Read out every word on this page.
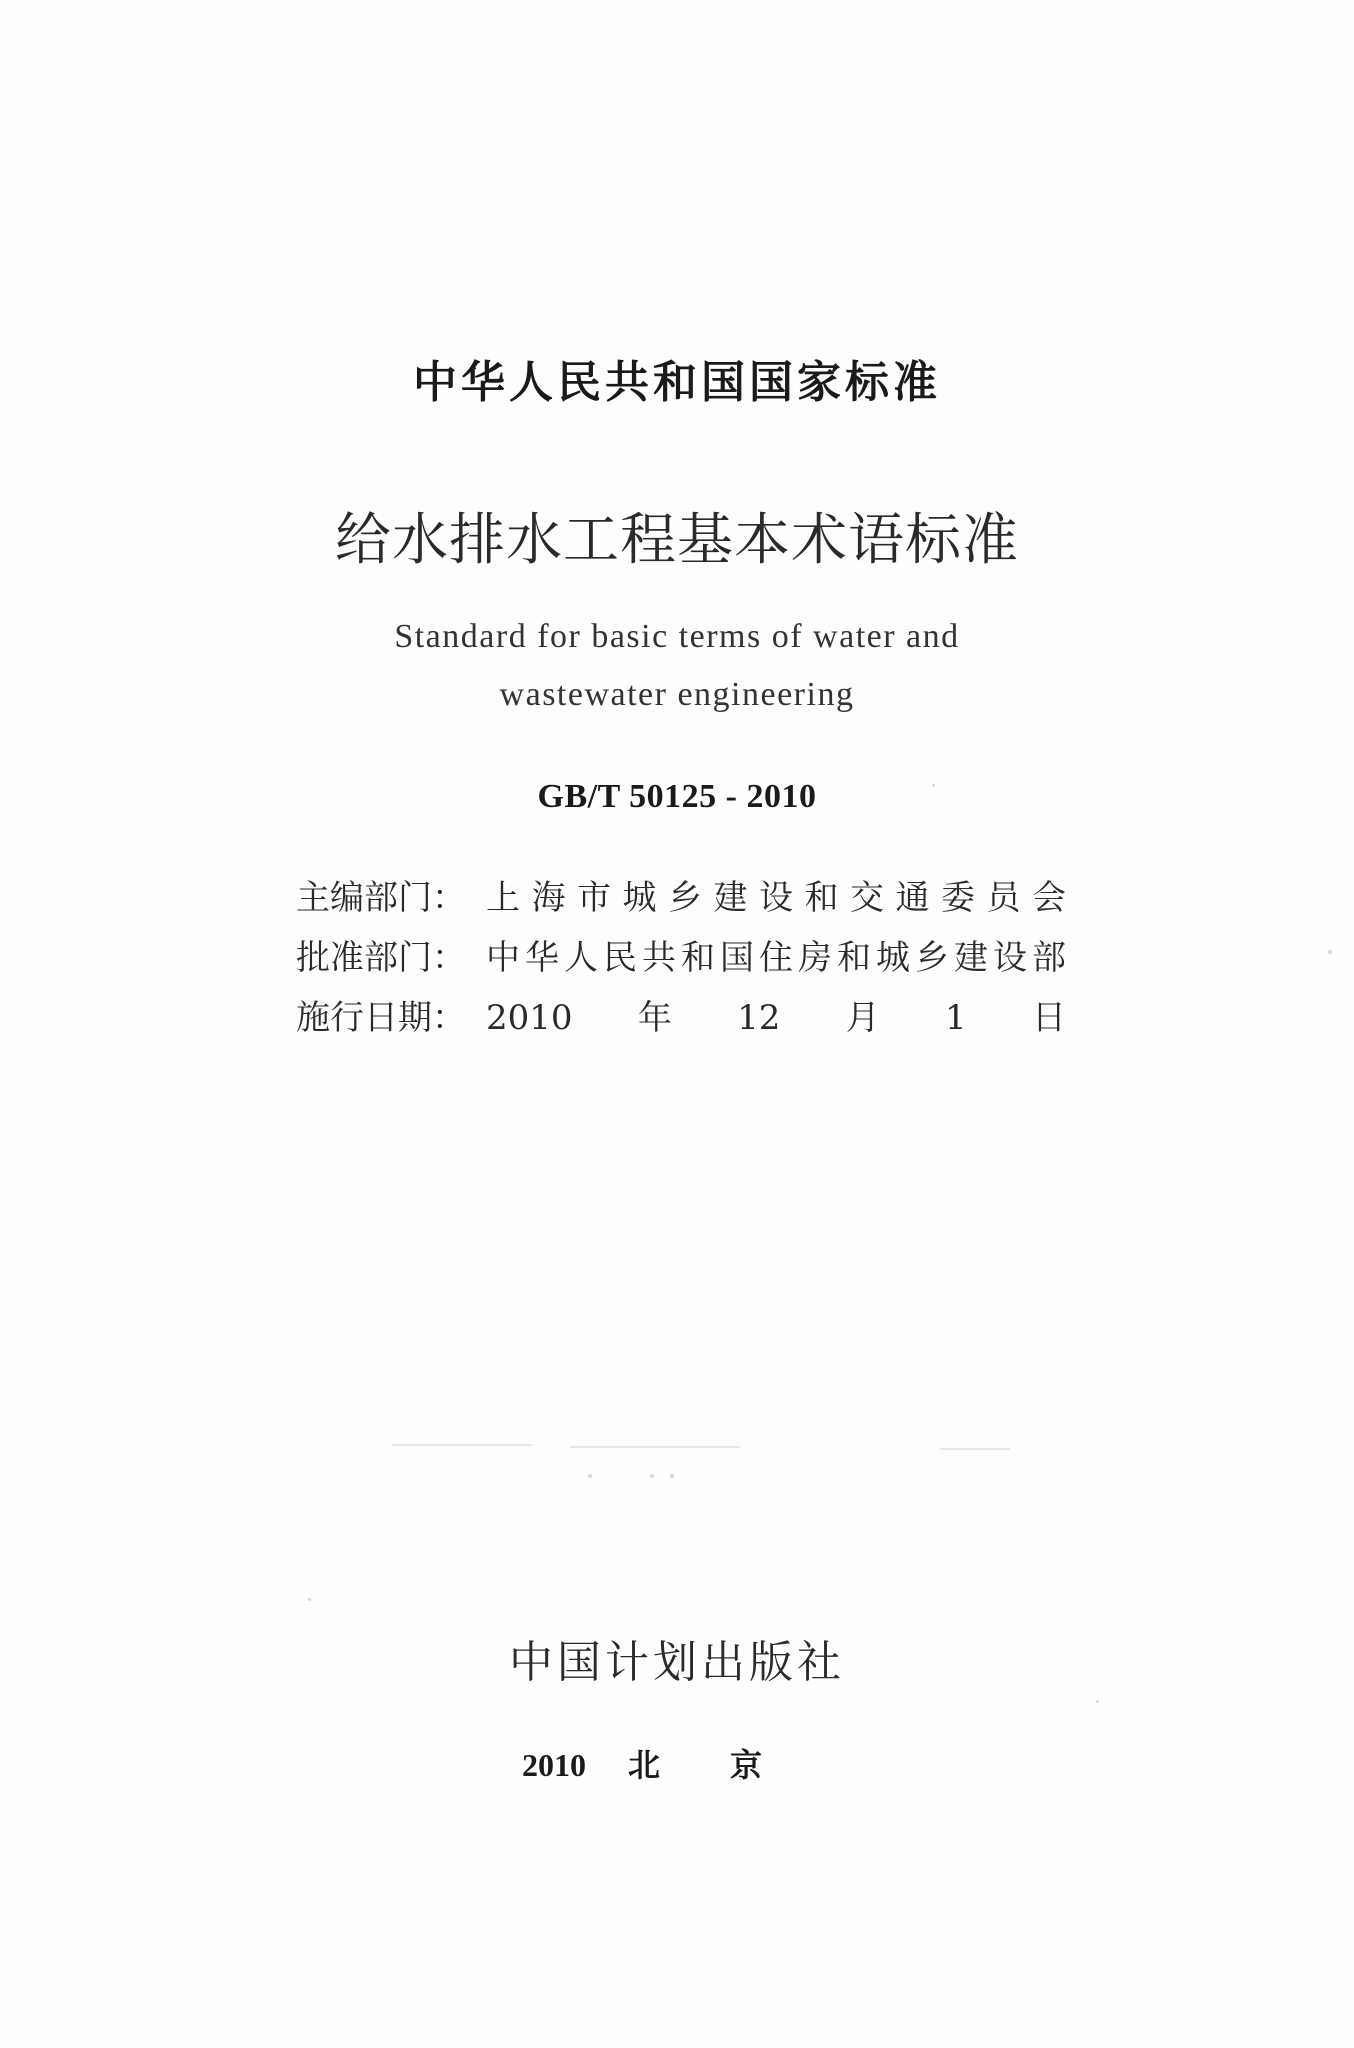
中华人民共和国国家标准
给水排水工程基本术语标准
Standard for basic terms of water and
wastewater engineering
GB/T 50125 - 2010
主编部门： 上海市城乡建设和交通委员会
批准部门： 中华人民共和国住房和城乡建设部
施行日期： 2010年12月1日
中国计划出版社
2010 北京
